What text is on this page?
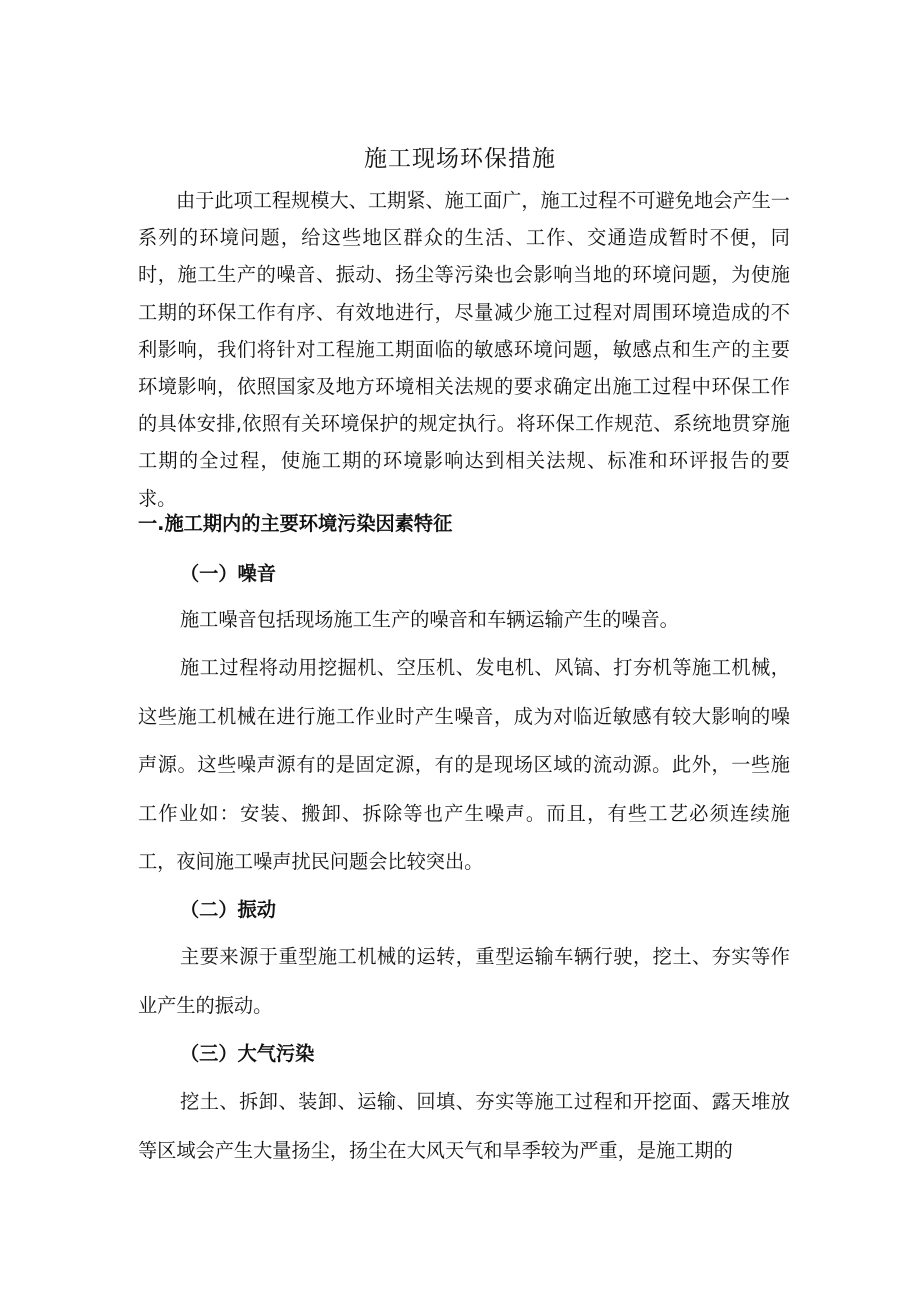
施工现场环保措施

由于此项工程规模大、工期紧、施工面广，施工过程不可避免地会产生一系列的环境问题，给这些地区群众的生活、工作、交通造成暂时不便，同时，施工生产的噪音、振动、扬尘等污染也会影响当地的环境问题，为使施工期的环保工作有序、有效地进行，尽量减少施工过程对周围环境造成的不利影响，我们将针对工程施工期面临的敏感环境问题，敏感点和生产的主要环境影响，依照国家及地方环境相关法规的要求确定出施工过程中环保工作的具体安排,依照有关环境保护的规定执行。将环保工作规范、系统地贯穿施工期的全过程，使施工期的环境影响达到相关法规、标准和环评报告的要求。

一.施工期内的主要环境污染因素特征
（一）噪音

施工噪音包括现场施工生产的噪音和车辆运输产生的噪音。

施工过程将动用挖掘机、空压机、发电机、风镐、打夯机等施工机械，这些施工机械在进行施工作业时产生噪音，成为对临近敏感有较大影响的噪声源。这些噪声源有的是固定源，有的是现场区域的流动源。此外，一些施工作业如：安装、搬卸、拆除等也产生噪声。而且，有些工艺必须连续施工，夜间施工噪声扰民问题会比较突出。

（二）振动

主要来源于重型施工机械的运转，重型运输车辆行驶，挖土、夯实等作业产生的振动。

（三）大气污染

挖土、拆卸、装卸、运输、回填、夯实等施工过程和开挖面、露天堆放等区域会产生大量扬尘，扬尘在大风天气和旱季较为严重，是施工期的
